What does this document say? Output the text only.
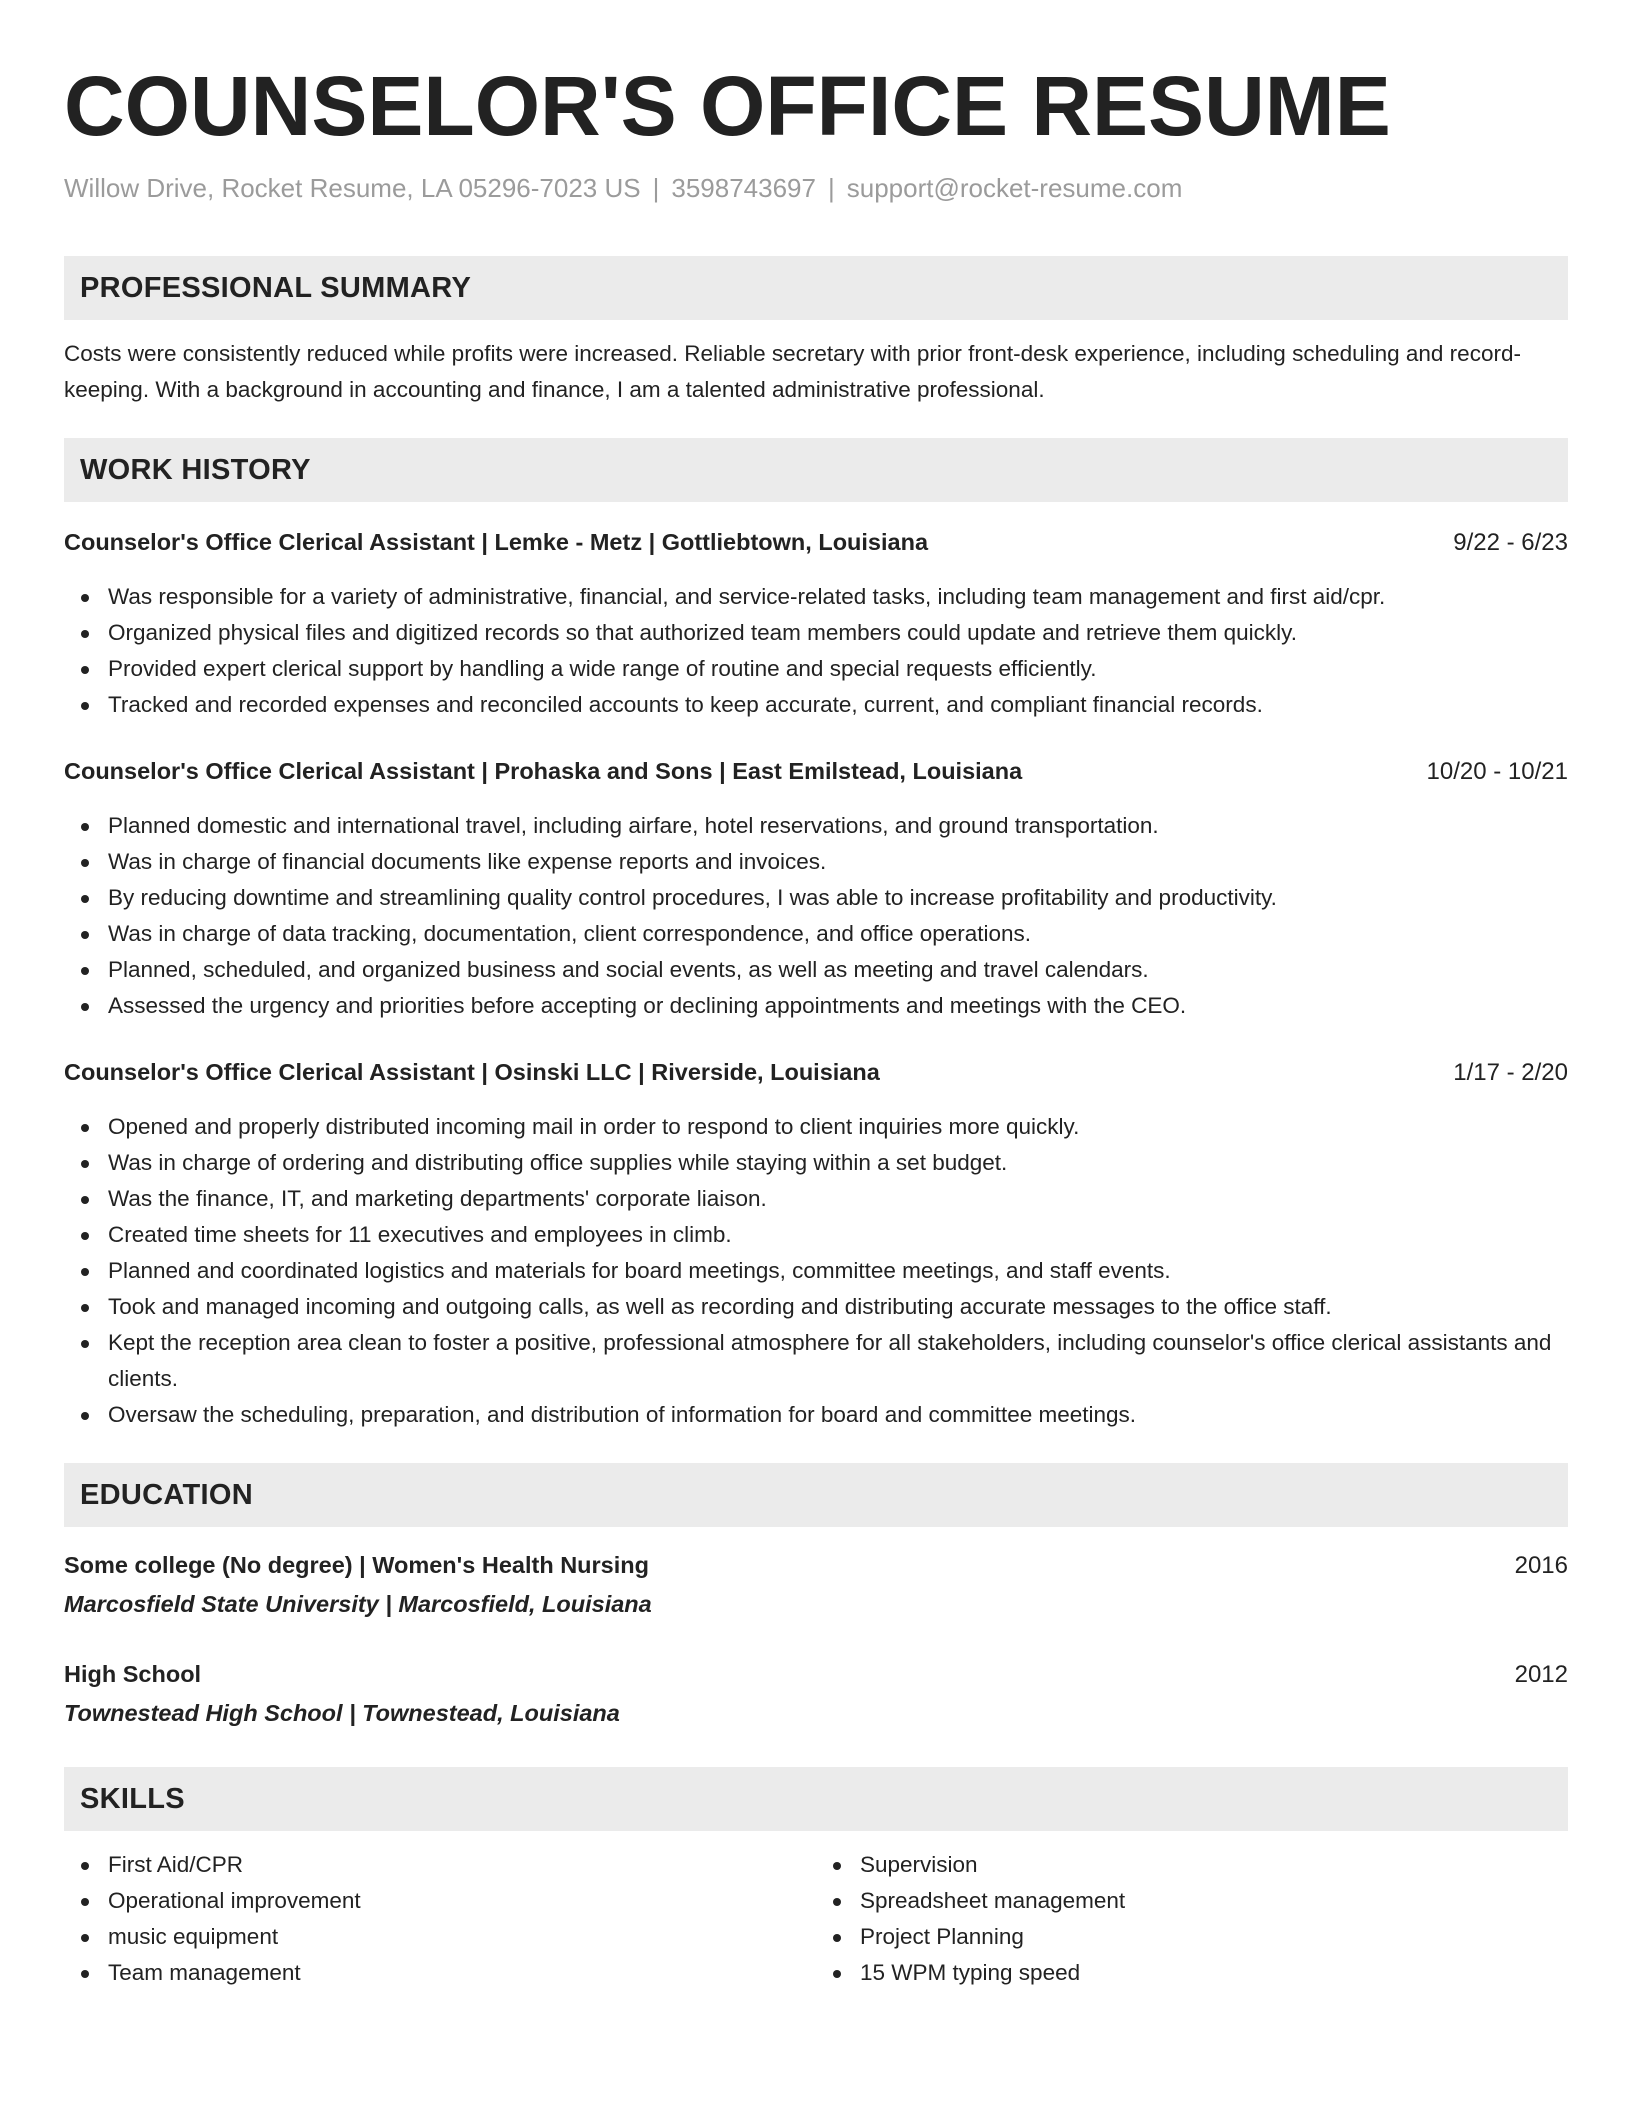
COUNSELOR'S OFFICE RESUME
Willow Drive, Rocket Resume, LA 05296-7023 US | 3598743697 | support@rocket-resume.com
PROFESSIONAL SUMMARY

Costs were consistently reduced while profits were increased. Reliable secretary with prior front-desk experience, including scheduling and record-keeping. With a background in accounting and finance, I am a talented administrative professional.

WORK HISTORY
Counselor's Office Clerical Assistant | Lemke - Metz | Gottliebtown, Louisiana	9/22 - 6/23
Was responsible for a variety of administrative, financial, and service-related tasks, including team management and first aid/cpr.
Organized physical files and digitized records so that authorized team members could update and retrieve them quickly.
Provided expert clerical support by handling a wide range of routine and special requests efficiently.
Tracked and recorded expenses and reconciled accounts to keep accurate, current, and compliant financial records.
Counselor's Office Clerical Assistant | Prohaska and Sons | East Emilstead, Louisiana	10/20 - 10/21
Planned domestic and international travel, including airfare, hotel reservations, and ground transportation.
Was in charge of financial documents like expense reports and invoices.
By reducing downtime and streamlining quality control procedures, I was able to increase profitability and productivity.
Was in charge of data tracking, documentation, client correspondence, and office operations.
Planned, scheduled, and organized business and social events, as well as meeting and travel calendars.
Assessed the urgency and priorities before accepting or declining appointments and meetings with the CEO.
Counselor's Office Clerical Assistant | Osinski LLC | Riverside, Louisiana	1/17 - 2/20
Opened and properly distributed incoming mail in order to respond to client inquiries more quickly.
Was in charge of ordering and distributing office supplies while staying within a set budget.
Was the finance, IT, and marketing departments' corporate liaison.
Created time sheets for 11 executives and employees in climb.
Planned and coordinated logistics and materials for board meetings, committee meetings, and staff events.
Took and managed incoming and outgoing calls, as well as recording and distributing accurate messages to the office staff.
Kept the reception area clean to foster a positive, professional atmosphere for all stakeholders, including counselor's office clerical assistants and clients.
Oversaw the scheduling, preparation, and distribution of information for board and committee meetings.
EDUCATION
Some college (No degree) | Women's Health Nursing	2016
Marcosfield State University | Marcosfield, Louisiana
High School	2012
Townestead High School | Townestead, Louisiana
SKILLS
First Aid/CPR
Operational improvement
music equipment
Team management
Supervision
Spreadsheet management
Project Planning
15 WPM typing speed
